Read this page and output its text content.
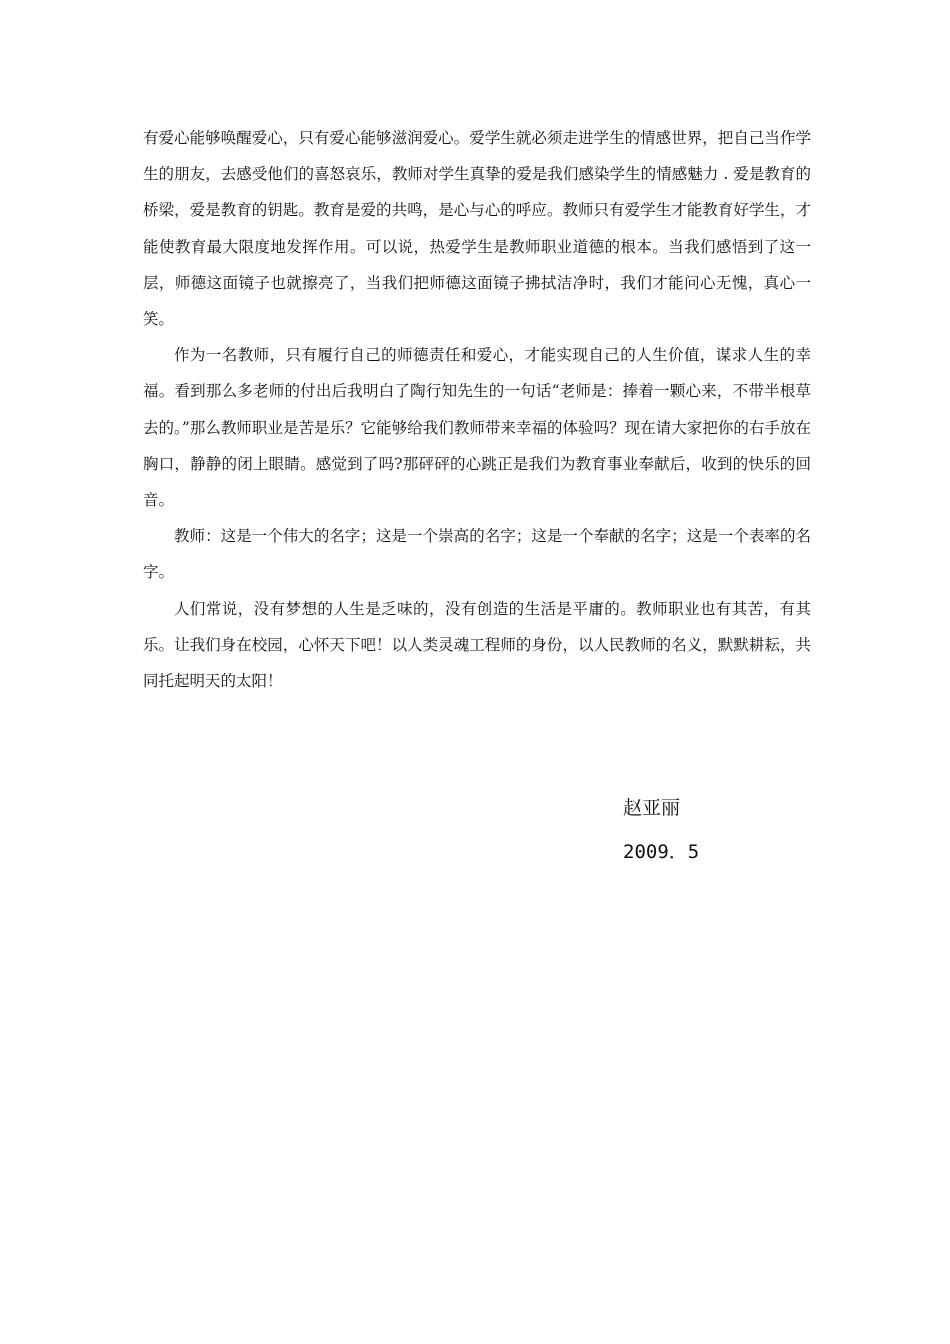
有爱心能够唤醒爱心，只有爱心能够滋润爱心。爱学生就必须走进学生的情感世界，把自己当作学生的朋友，去感受他们的喜怒哀乐，教师对学生真挚的爱是我们感染学生的情感魅力 . 爱是教育的桥梁，爱是教育的钥匙。教育是爱的共鸣，是心与心的呼应。教师只有爱学生才能教育好学生，才能使教育最大限度地发挥作用。可以说，热爱学生是教师职业道德的根本。当我们感悟到了这一层，师德这面镜子也就擦亮了，当我们把师德这面镜子拂拭洁净时，我们才能问心无愧，真心一笑。

作为一名教师，只有履行自己的师德责任和爱心，才能实现自己的人生价值，谋求人生的幸福。看到那么多老师的付出后我明白了陶行知先生的一句话“老师是：捧着一颗心来，不带半根草去的。”那么教师职业是苦是乐？它能够给我们教师带来幸福的体验吗？现在请大家把你的右手放在胸口，静静的闭上眼睛。感觉到了吗?那砰砰的心跳正是我们为教育事业奉献后，收到的快乐的回音。

教师：这是一个伟大的名字；这是一个崇高的名字；这是一个奉献的名字；这是一个表率的名字。

人们常说，没有梦想的人生是乏味的，没有创造的生活是平庸的。教师职业也有其苦，有其乐。让我们身在校园，心怀天下吧！以人类灵魂工程师的身份，以人民教师的名义，默默耕耘，共同托起明天的太阳！

赵亚丽

2009．5
